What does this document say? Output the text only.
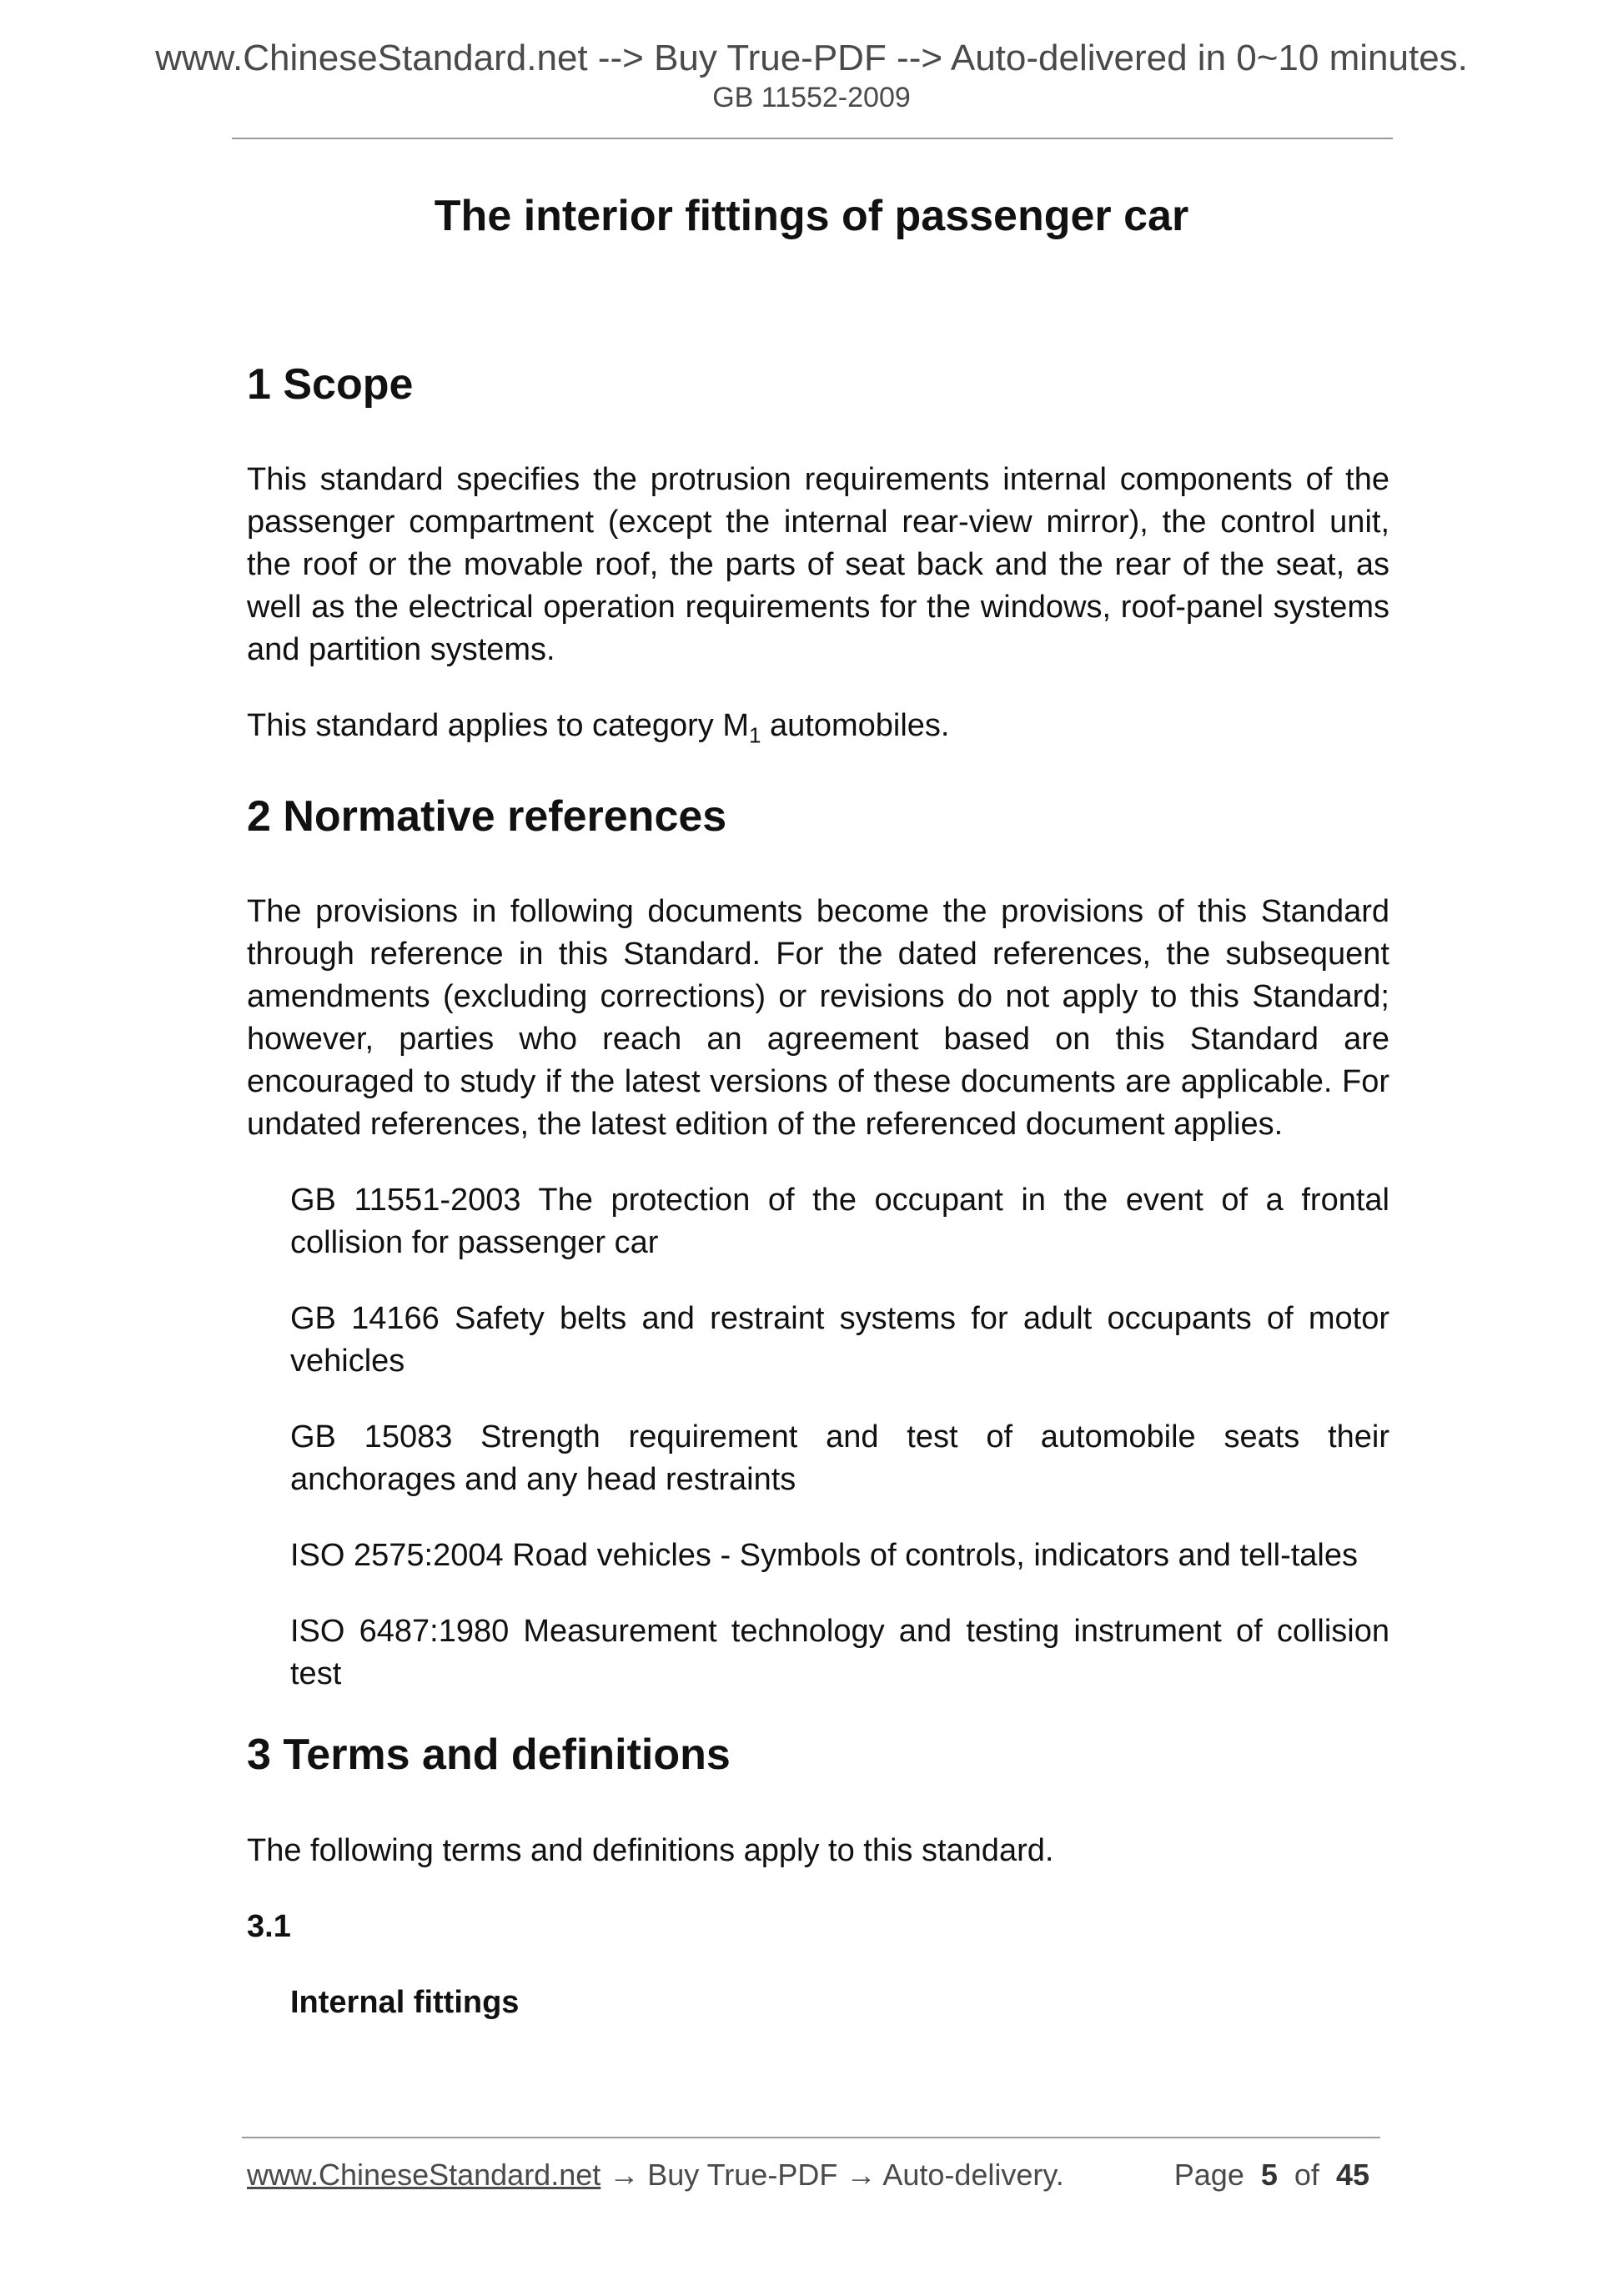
www.ChineseStandard.net --> Buy True-PDF --> Auto-delivered in 0~10 minutes.
GB 11552-2009
The interior fittings of passenger car
1 Scope

This standard specifies the protrusion requirements internal components of the passenger compartment (except the internal rear-view mirror), the control unit, the roof or the movable roof, the parts of seat back and the rear of the seat, as well as the electrical operation requirements for the windows, roof-panel systems and partition systems.

This standard applies to category $M_1$ automobiles.

2 Normative references

The provisions in following documents become the provisions of this Standard through reference in this Standard. For the dated references, the subsequent amendments (excluding corrections) or revisions do not apply to this Standard; however, parties who reach an agreement based on this Standard are encouraged to study if the latest versions of these documents are applicable. For undated references, the latest edition of the referenced document applies.

GB 11551-2003 The protection of the occupant in the event of a frontal collision for passenger car

GB 14166 Safety belts and restraint systems for adult occupants of motor vehicles

GB 15083 Strength requirement and test of automobile seats their anchorages and any head restraints

ISO 2575:2004 Road vehicles - Symbols of controls, indicators and tell-tales

ISO 6487:1980 Measurement technology and testing instrument of collision test

3 Terms and definitions

The following terms and definitions apply to this standard.

3.1

Internal fittings

www.ChineseStandard.net → Buy True-PDF → Auto-delivery.	Page 5 of 45
